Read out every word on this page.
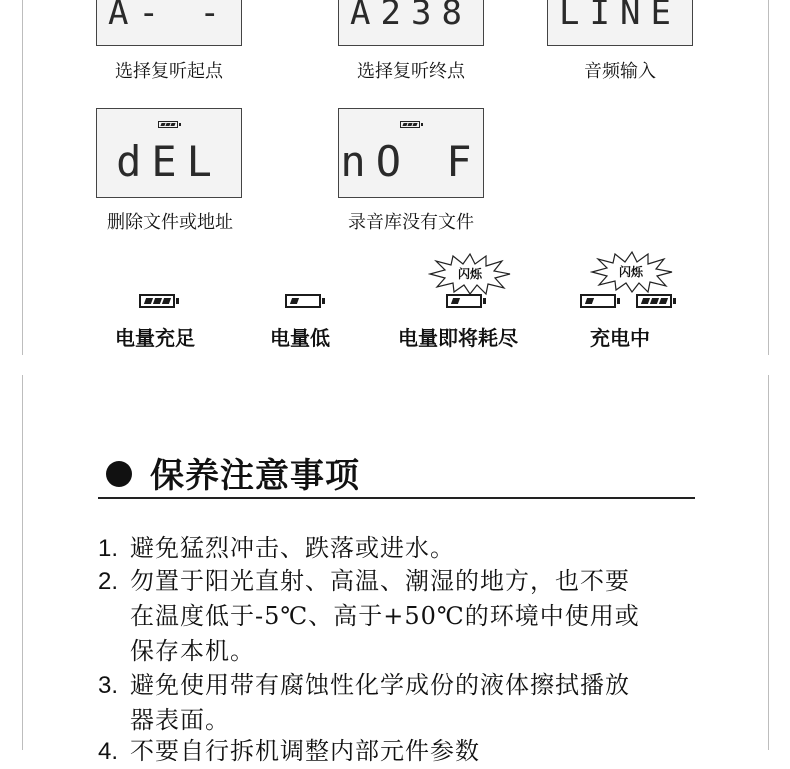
A- -
选择复听起点
A238
选择复听终点
LINE
音频输入
dEL
删除文件或地址
nO F
录音库没有文件
电量充足	电量低
闪烁
电量即将耗尽
闪烁
充电中
保养注意事项
1. 避免猛烈冲击、跌落或进水。
2. 勿置于阳光直射、高温、潮湿的地方，也不要
在温度低于-5℃、高于+50℃的环境中使用或
保存本机。
3. 避免使用带有腐蚀性化学成份的液体擦拭播放
器表面。
4. 不要自行拆机调整内部元件参数
